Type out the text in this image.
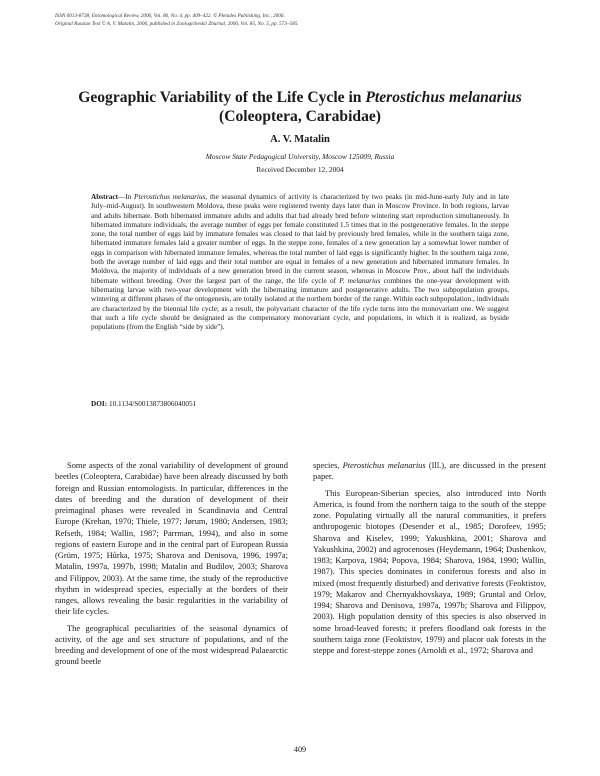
ISSN 0013-8738, Entomological Review, 2006, Vol. 86, No. 4, pp. 409–422. © Pleiades Publishing, Inc., 2006.
Original Russian Text © A. V. Matalin, 2006, published in Zoologicheskii Zhurnal, 2006, Vol. 85, No. 5, pp. 573–585.
Geographic Variability of the Life Cycle in Pterostichus melanarius (Coleoptera, Carabidae)
A. V. Matalin
Moscow State Pedagogical University, Moscow 125009, Russia
Received December 12, 2004
Abstract—In Pterostichus melanarius, the seasonal dynamics of activity is characterized by two peaks (in mid-June-early July and in late July–mid-August). In southwestern Moldova, these peaks were registered twenty days later than in Moscow Province. In both regions, larvae and adults hibernate. Both hibernated immature adults and adults that had already bred before wintering start reproduction simultaneously. In hibernated immature individuals, the average number of eggs per female constituted 1.5 times that in the postgenerative females. In the steppe zone, the total number of eggs laid by immature females was closed to that laid by previously bred females, while in the southern taiga zone, hibernated immature females laid a greater number of eggs. In the steppe zone, females of a new generation lay a somewhat lower number of eggs in comparison with hibernated immature females, whereas the total number of laid eggs is significantly higher. In the southern taiga zone, both the average number of laid eggs and their total number are equal in females of a new generation and hibernated immature females. In Moldova, the majority of individuals of a new generation breed in the current season, whereas in Moscow Prov., about half the individuals hibernate without breeding. Over the largest part of the range, the life cycle of P. melanarius combines the one-year development with hibernating larvae with two-year development with the hibernating immature and postgenerative adults. The two subpopulation groups, wintering at different phases of the ontogenesis, are totally isolated at the northern border of the range. Within each subpopulation., individuals are characterized by the biennial life cycle; as a result, the polyvariant character of the life cycle turns into the monovariant one. We suggest that such a life cycle should be designated as the compensatory monovariant cycle, and populations, in which it is realized, as byside populations (from the English “side by side”).
DOI: 10.1134/S0013873806040051

Some aspects of the zonal variability of development of ground beetles (Coleoptera, Carabidae) have been already discussed by both foreign and Russian entomologists. In particular, differences in the dates of breeding and the duration of development of their preimaginal phases were revealed in Scandinavia and Central Europe (Krehan, 1970; Thiele, 1977; Jørum, 1980; Andersen, 1983; Refseth, 1984; Wallin, 1987; Parrman, 1994), and also in some regions of eastern Europe and in the central part of European Russia (Grüm, 1975; Hůrka, 1975; Sharova and Denisova, 1996, 1997a; Matalin, 1997a, 1997b, 1998; Matalin and Budilov, 2003; Sharova and Filippov, 2003). At the same time, the study of the reproductive rhythm in widespread species, especially at the borders of their ranges, allows revealing the basic regularities in the variability of their life cycles.

The geographical peculiarities of the seasonal dynamics of activity, of the age and sex structure of populations, and of the breeding and development of one of the most widespread Palaearctic ground beetle

species, Pterostichus melanarius (Ill.), are discussed in the present paper.

This European-Siberian species, also introduced into North America, is found from the northern taiga to the south of the steppe zone. Populating virtually all the natural communities, it prefers anthropogenic biotopes (Desender et al., 1985; Dorofeev, 1995; Sharova and Kiselev, 1999; Yakushkina, 2001; Sharova and Yakushkina, 2002) and agrocenoses (Heydemann, 1964; Dushenkov, 1983; Karpova, 1984; Popova, 1984; Sharova, 1984, 1990; Wallin, 1987). This species dominates in coniferous forests and also in mixed (most frequently disturbed) and derivative forests (Feoktistov, 1979; Makarov and Chernyakhovskaya, 1989; Gruntal and Orlov, 1994; Sharova and Denisova, 1997a, 1997b; Sharova and Filippov, 2003). High population density of this species is also observed in some broad-leaved forests; it prefers floodland oak forests in the southern taiga zone (Feoktistov, 1979) and placor oak forests in the steppe and forest-steppe zones (Arnoldi et al., 1972; Sharova and

409
